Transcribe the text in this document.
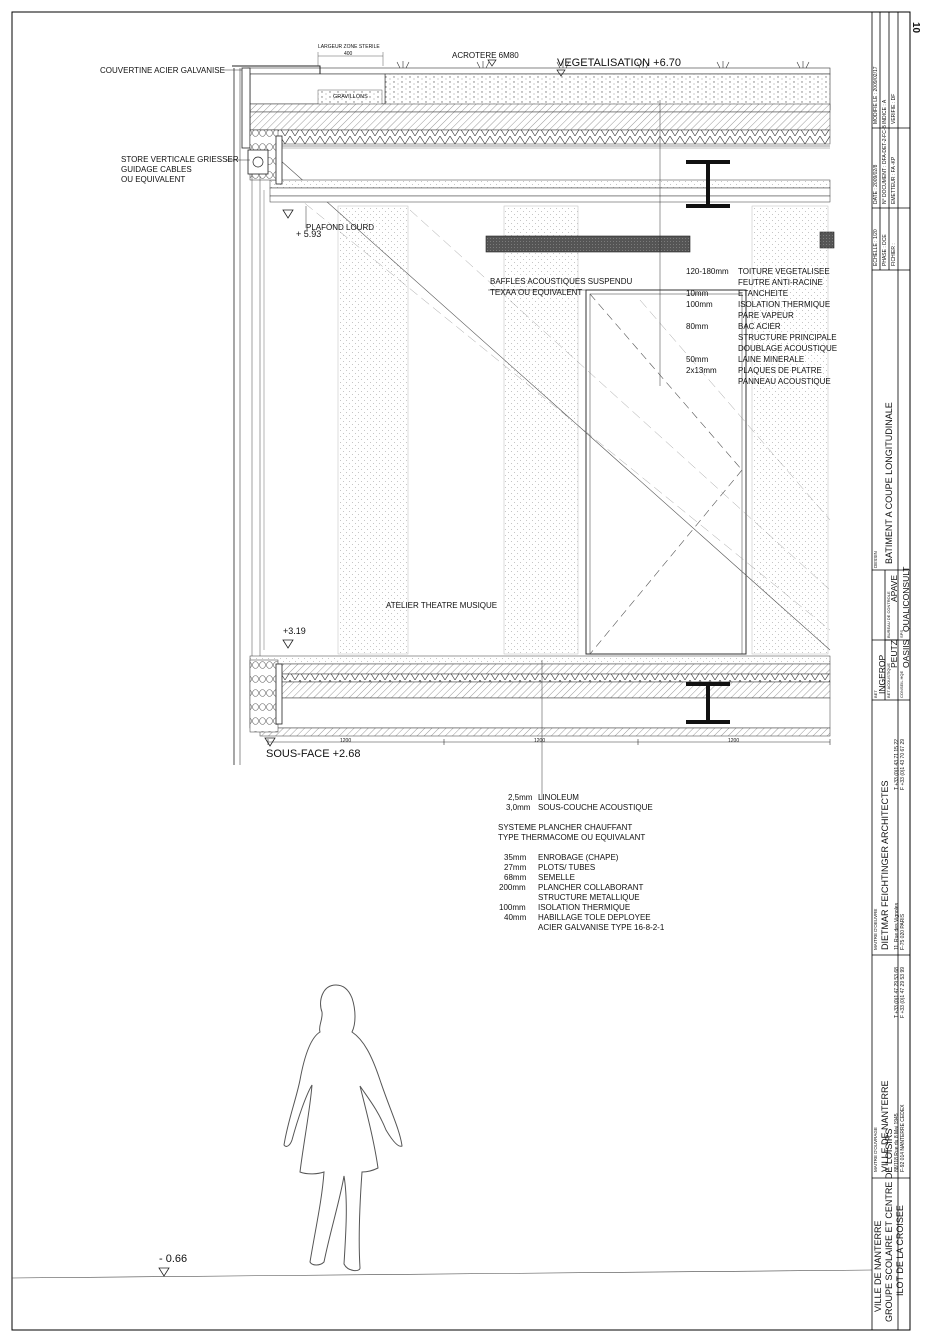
10
LARGEUR ZONE STERILE
400	ACROTERE 6M80
VEGETALISATION +6.70
GRAVILLONS
COUVERTINE ACIER GALVANISE
STORE VERTICALE GRIESSER
GUIDAGE CABLES
OU EQUIVALENT
PLAFOND LOURD
+ 5.93
BAFFLES ACOUSTIQUES SUSPENDU
TEXAA OU EQUIVALENT
120-180mm TOITURE VEGETALISEE
FEUTRE ANTI-RACINE
10mm	ETANCHEITE
100mm	ISOLATION THERMIQUE
PARE VAPEUR
80mm	BAC ACIER
STRUCTURE PRINCIPALE
DOUBLAGE ACOUSTIQUE
50mm	LAINE MINERALE
2x13mm	PLAQUES DE PLATRE
PANNEAU ACOUSTIQUE
ATELIER THEATRE MUSIQUE
+3.19
SOUS-FACE +2.68
1200	1200	1200
2,5mm LINOLEUM
3,0mm SOUS-COUCHE ACOUSTIQUE
SYSTEME PLANCHER CHAUFFANT
TYPE THERMACOME OU EQUIVALANT
35mm ENROBAGE (CHAPE)
27mm PLOTS/ TUBES
68mm SEMELLE
200mm PLANCHER COLLABORANT
STRUCTURE METALLIQUE
100mm ISOLATION THERMIQUE
40mm HABILLAGE TOLE DEPLOYEE
ACIER GALVANISE TYPE 16-8-2-1
- 0.66	VILLE DE NANTERRE GROUPE SCOLAIRE ET CENTRE DE LOISIRS ILOT DE LA CROISEE
MAITRE D'OUVRAGE VILLE DE NANTERRE 88/118 Rue du 8 Mai 1945 F-92 014 NANTERRE CEDEX
T +33 (0)1 47 29 53 68 F +33 (0)1 47 29 53 99
MAITRE D'OEUVRE DIETMAR FEICHTINGER ARCHITECTES 11, Rue des Vignoles F-75 020 PARIS
T +33 (0)1 43 71 15 22 F +33 (0)1 43 70 67 29
BET
INGEROP BET ACOUSTIQUE
PEUTZ
CONSEIL HQE
OASIIS
BUREAU DE CONTROLE
APAVE
SPS
QUALICONSULT
DESSIN BATIMENT A COUPE LONGITUDINALE
ECHELLE : 1/20 PHASE : DCE FICHIER :
DATE : 2009/02/8 N° DOCUMENT : DFA-DET-2-FC-B EMETTEUR : FA -KP
MODIFIE LE : 2009/02/17 INDICE : A VERIFIE : DF
